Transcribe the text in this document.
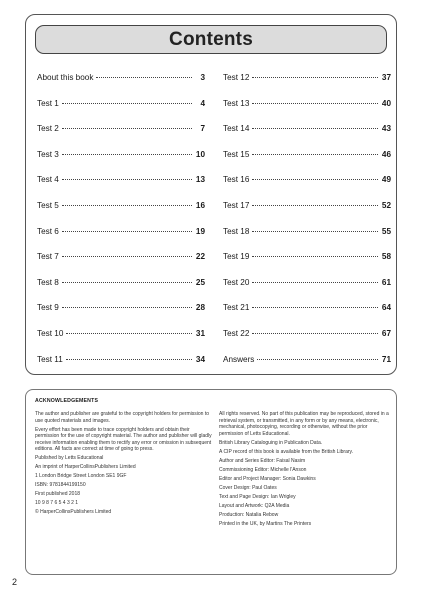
Contents
About this book	3
Test 1	4
Test 2	7
Test 3	10
Test 4	13
Test 5	16
Test 6	19
Test 7	22
Test 8	25
Test 9	28
Test 10	31
Test 11	34
Test 12	37
Test 13	40
Test 14	43
Test 15	46
Test 16	49
Test 17	52
Test 18	55
Test 19	58
Test 20	61
Test 21	64
Test 22	67
Answers	71
ACKNOWLEDGEMENTS

The author and publisher are grateful to the copyright holders for permission to use quoted materials and images.

Every effort has been made to trace copyright holders and obtain their permission for the use of copyright material. The author and publisher will gladly receive information enabling them to rectify any error or omission in subsequent editions. All facts are correct at time of going to press.

Published by Letts Educational

An imprint of HarperCollinsPublishers Limited

1 London Bridge Street London SE1 9GF

ISBN: 9781844199150

First published 2018

10 9 8 7 6 5 4 3 2 1

© HarperCollinsPublishers Limited

All rights reserved. No part of this publication may be reproduced, stored in a retrieval system, or transmitted, in any form or by any means, electronic, mechanical, photocopying, recording or otherwise, without the prior permission of Letts Educational.

British Library Cataloguing in Publication Data.

A CIP record of this book is available from the British Library.

Author and Series Editor: Faisal Nasim

Commissioning Editor: Michelle l'Anson

Editor and Project Manager: Sonia Dawkins

Cover Design: Paul Oates

Text and Page Design: Ian Wrigley

Layout and Artwork: Q2A Media

Production: Natalia Rebow

Printed in the UK, by Martins The Printers

2
